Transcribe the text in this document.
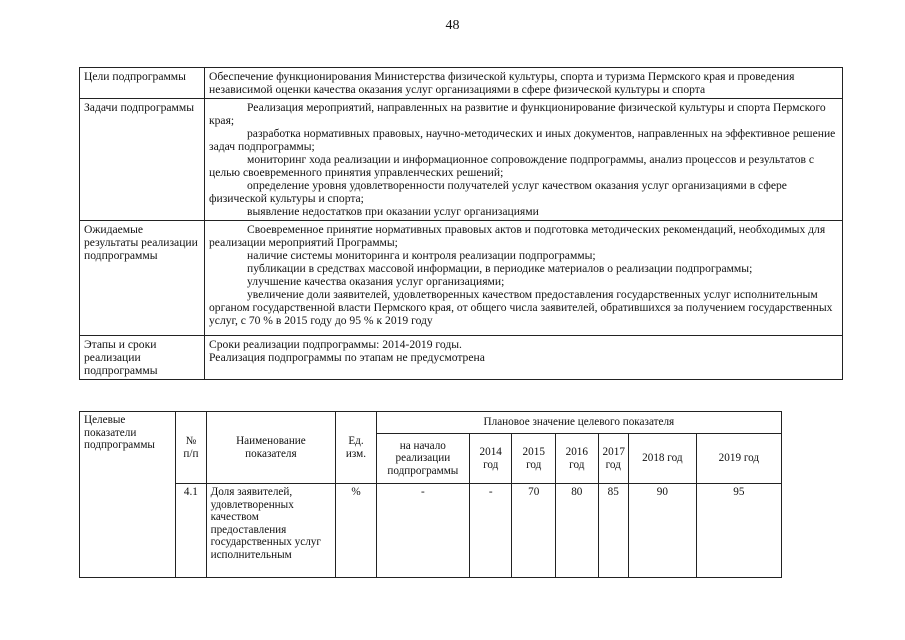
48
Цели подпрограммы	Обеспечение функционирования Министерства физической культуры, спорта и туризма Пермского края и проведения независимой оценки качества оказания услуг организациями в сфере физической культуры и спорта

Задачи подпрограммы	Реализация мероприятий, направленных на развитие и функционирование физической культуры и спорта Пермского края;

разработка нормативных правовых, научно-методических и иных документов, направленных на эффективное решение задач подпрограммы;

мониторинг хода реализации и информационное сопровождение подпрограммы, анализ процессов и результатов с целью своевременного принятия управленческих решений;

определение уровня удовлетворенности получателей услуг качеством оказания услуг организациями в сфере физической культуры и спорта;

выявление недостатков при оказании услуг организациями

Ожидаемые результаты реализации подпрограммы	Своевременное принятие нормативных правовых актов и подготовка методических рекомендаций, необходимых для реализации мероприятий Программы;

наличие системы мониторинга и контроля реализации подпрограммы;

публикации в средствах массовой информации, в периодике материалов о реализации подпрограммы;

улучшение качества оказания услуг организациями;

увеличение доли заявителей, удовлетворенных качеством предоставления государственных услуг исполнительным органом государственной власти Пермского края, от общего числа заявителей, обратившихся за получением государственных услуг, с 70 % в 2015 году до 95 % к 2019 году

Этапы и сроки реализации подпрограммы	Сроки реализации подпрограммы: 2014-2019 годы.

Реализация подпрограммы по этапам не предусмотрена

Целевые показатели подпрограммы	№ п/п	Наименование показателя	Ед. изм.	Плановое значение целевого показателя						
				на начало реализации подпрограммы	2014 год	2015 год	2016 год	2017 год	2018 год	2019 год
	4.1	Доля заявителей, удовлетворенных качеством предоставления государственных услуг исполнительным	%	-	-	70	80	85	90	95
